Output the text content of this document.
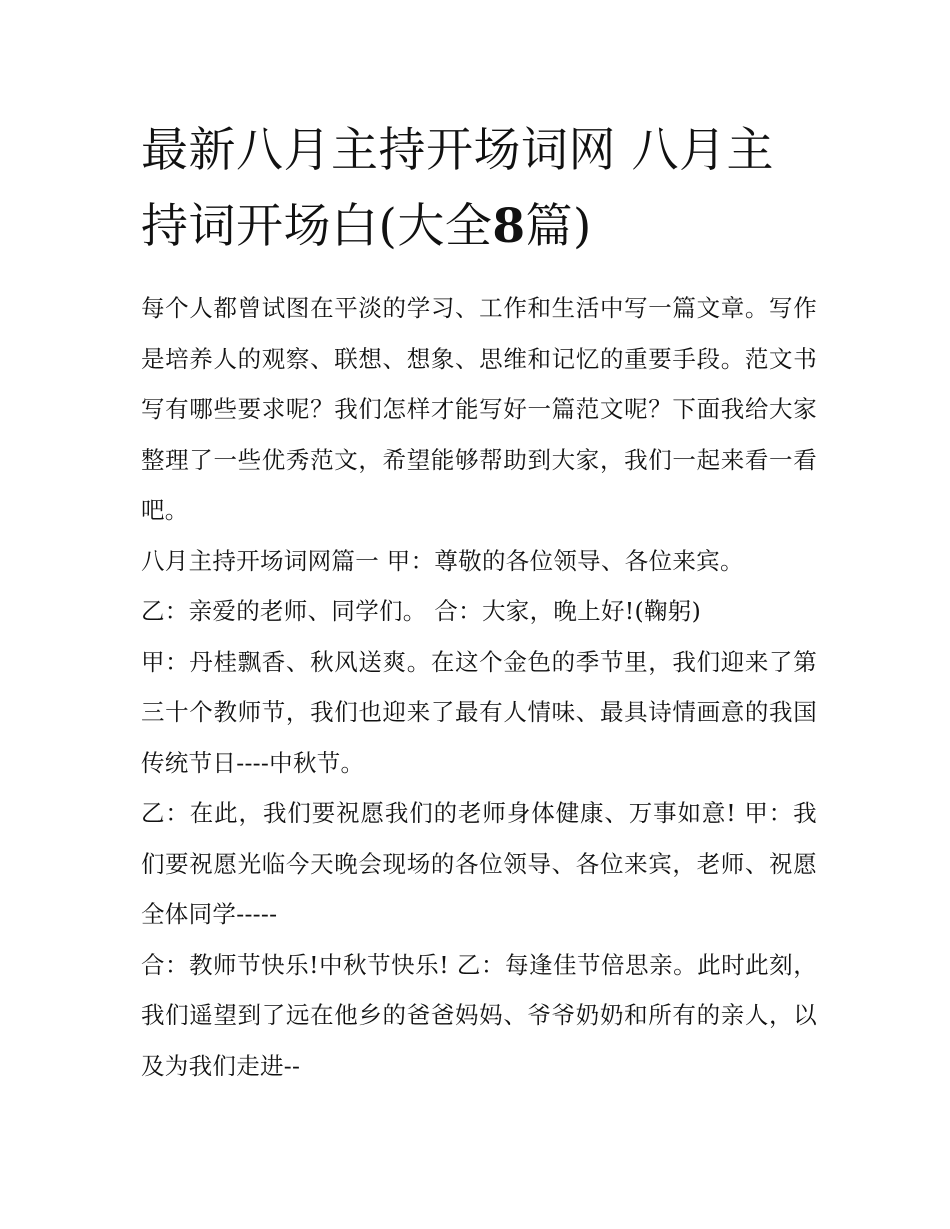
最新八月主持开场词网 八月主持词开场白(大全8篇)

每个人都曾试图在平淡的学习、工作和生活中写一篇文章。写作是培养人的观察、联想、想象、思维和记忆的重要手段。范文书写有哪些要求呢？我们怎样才能写好一篇范文呢？下面我给大家整理了一些优秀范文，希望能够帮助到大家，我们一起来看一看吧。

八月主持开场词网篇一 甲：尊敬的各位领导、各位来宾。

乙：亲爱的老师、同学们。 合：大家，晚上好!(鞠躬)

甲：丹桂飘香、秋风送爽。在这个金色的季节里，我们迎来了第三十个教师节，我们也迎来了最有人情味、最具诗情画意的我国传统节日----中秋节。

乙：在此，我们要祝愿我们的老师身体健康、万事如意! 甲：我们要祝愿光临今天晚会现场的各位领导、各位来宾，老师、祝愿全体同学-----

合：教师节快乐!中秋节快乐! 乙：每逢佳节倍思亲。此时此刻，我们遥望到了远在他乡的爸爸妈妈、爷爷奶奶和所有的亲人，以及为我们走进--
